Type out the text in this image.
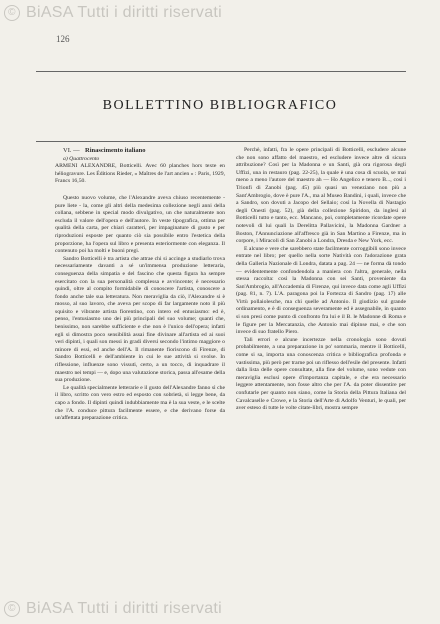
© BiASA Tutti i diritti riservati
126
BOLLETTINO BIBLIOGRAFICO

VI. — Rinascimento italiano

a) Quattrocento

ARMENI ALEXANDRE, Botticelli. Avec 60 planches hors texte en héliogravure. Les Éditions Rieder, « Maîtres de l'art ancien » : Paris, 1929, Francs 16,50.

Questo nuovo volume, che l'Alexandre aveva chiuso recentemente - pure liete - la, come gli altri della medesima collezione negli anni della collana, sebbene in special modo divulgativo, un che naturalmente non escluda il valore dell'opera e dell'autore. In veste tipografica, ottima per qualità della carta, per chiari caratteri, per impaginature di gusto e per riproduzioni esposte per quanto ciò sia possibile entro l'estetica della proporzione, ha l'opera sul libro e presenta esteriormente con eleganza. Il contenuto poi ha molti e buoni pregi.

Sandro Botticelli è tra artista che attrae chi si accinge a studiarlo trova necessariamente davanti a sé un'immensa produzione letteraria, conseguenza della simpatia e del fascino che questa figura ha sempre esercitato con la sua personalità complessa e avvincente; è necessario quindi, oltre al compito formidabile di conoscere l'artista, conoscere a fondo anche tale sua letteratura. Non meraviglia da ciò, l'Alexandre si è mosso, al suo lavoro, che aveva per scopo di far largamente noto il più squisito e vibrante artista fiorentino, con intero ed entusiasmo: ed è, penso, l'entusiasmo uno dei più principali del suo volume; quanti che, benissimo, non sarebbe sufficiente e che non è l'unico dell'opera; infatti egli si dimostra poco sensibilità assai fine divinare all'artista ed ai suoi veri dipinti, i quali son messi in gradi diversi secondo l'intimo maggiore o minore di essi, ed anche dell'A. Il rimanente fioriscono di Firenze, di Sandro Botticelli e dell'ambiente in cui le sue attività si svolse. In riflessione, influenze sono vissuti, certo, a un tocco, di inquadrare il maestro nei tempi — e, dopo una valutazione storica, passa all'esame della sua produzione.

Le qualità specialmente letterarie e il gusto dell'Alexandre fanno sì che il libro, scritto con vero estro ed esposto con sobrietà, si legge bene, da capo a fondo. Il dipinti quindi indubbiamente ma è la sua veste, e le scelte che l'A. conduce pittura facilmente essere, e che derivano forse da un'affettata preparazione critica.

Perchè, infatti, fra le opere principali di Botticelli, escludere alcune che non sono affatto del maestro, ed escludere invece altre di sicura attribuzione? Così per la Madonna e un Santi, già ora rigorosa degli Uffizi, una in restauro (pag. 22-25), la quale è una cosa di scuola, se mai meno a meno l'autore del maestro ah — Ho Angelico e tenero B..., così i Trionfi di Zanobi (pag. 45) più quasi un veneziano non più a Sant'Ambrogio, dove è pure l'A., ma al Museo Bandini, i quali, invece che a Sandro, son dovuti a Jacopo del Sellaio; così la Novella di Nastagio degli Onesti (pag. 52), già della collezione Spiridon, da inglesi al Botticelli tutto e tanto, ecc. Mancano, poi, completamente ricordate opere notevoli di lui quali la Derelitta Pallavicini, la Madonna Gardner a Boston, l'Annunciazione all'affresco già in San Martino a Firenze, ma in corpore, i Miracoli di San Zanobi a Londra, Dresda e New York, ecc.

E alcune e vere che sarebbero state facilmente corroggibili sono invece entrate nel libro; per quello nella sorte Natività con l'adorazione grata della Galleria Nazionale di Londra, datata a pag. 24 — ne forma dà tondo — evidentemente confondendola a maniera con l'altra, generale, nella stessa raccolta: così la Madonna con sei Santi, proveniente da San'Ambrogio, all'Accademia di Firenze, qui invece data come agli Uffizi (pag. 81, n. 7). L'A. paragona poi la Fortezza di Sandro (pag. 17) alle Virtù pollaiolesche, ma chi quelle ad Antonio. Il giudizio sul grande ordinamento, e è di conseguenza severamente ed è assegnabile, in quanto si son presi come punto di confronto fra lui e il B. le Madonne di Roma e le figure per la Mercatanzia, che Antonio mai dipinse mai, e che son invece di suo fratello Piero.

Tali errori e alcune incertezze nella cronologia sono dovuti probabilmente, a una preparazione in po' sommaria, mentre il Botticelli, come si sa, importa una conoscenza critica e bibliografica profonda e vastissima, più però per trarne poi un riflesso dell'esile del presente. Infatti dalla lista delle opere consultate, alla fine del volume, sono vedute con meraviglia esclusi opere d'importanza capitale, e che era necessario leggere attentamente, non fosse altro che per l'A. da poter dissentire per confutarle per quanto non siano, come la Storia della Pittura Italiana del Cavalcaselle e Crowe, e la Storia dell'Arte di Adolfo Venturi, le quali, per aver esteso di tutte le volte citate-libri, mostra sempre

© BiASA Tutti i diritti riservati
